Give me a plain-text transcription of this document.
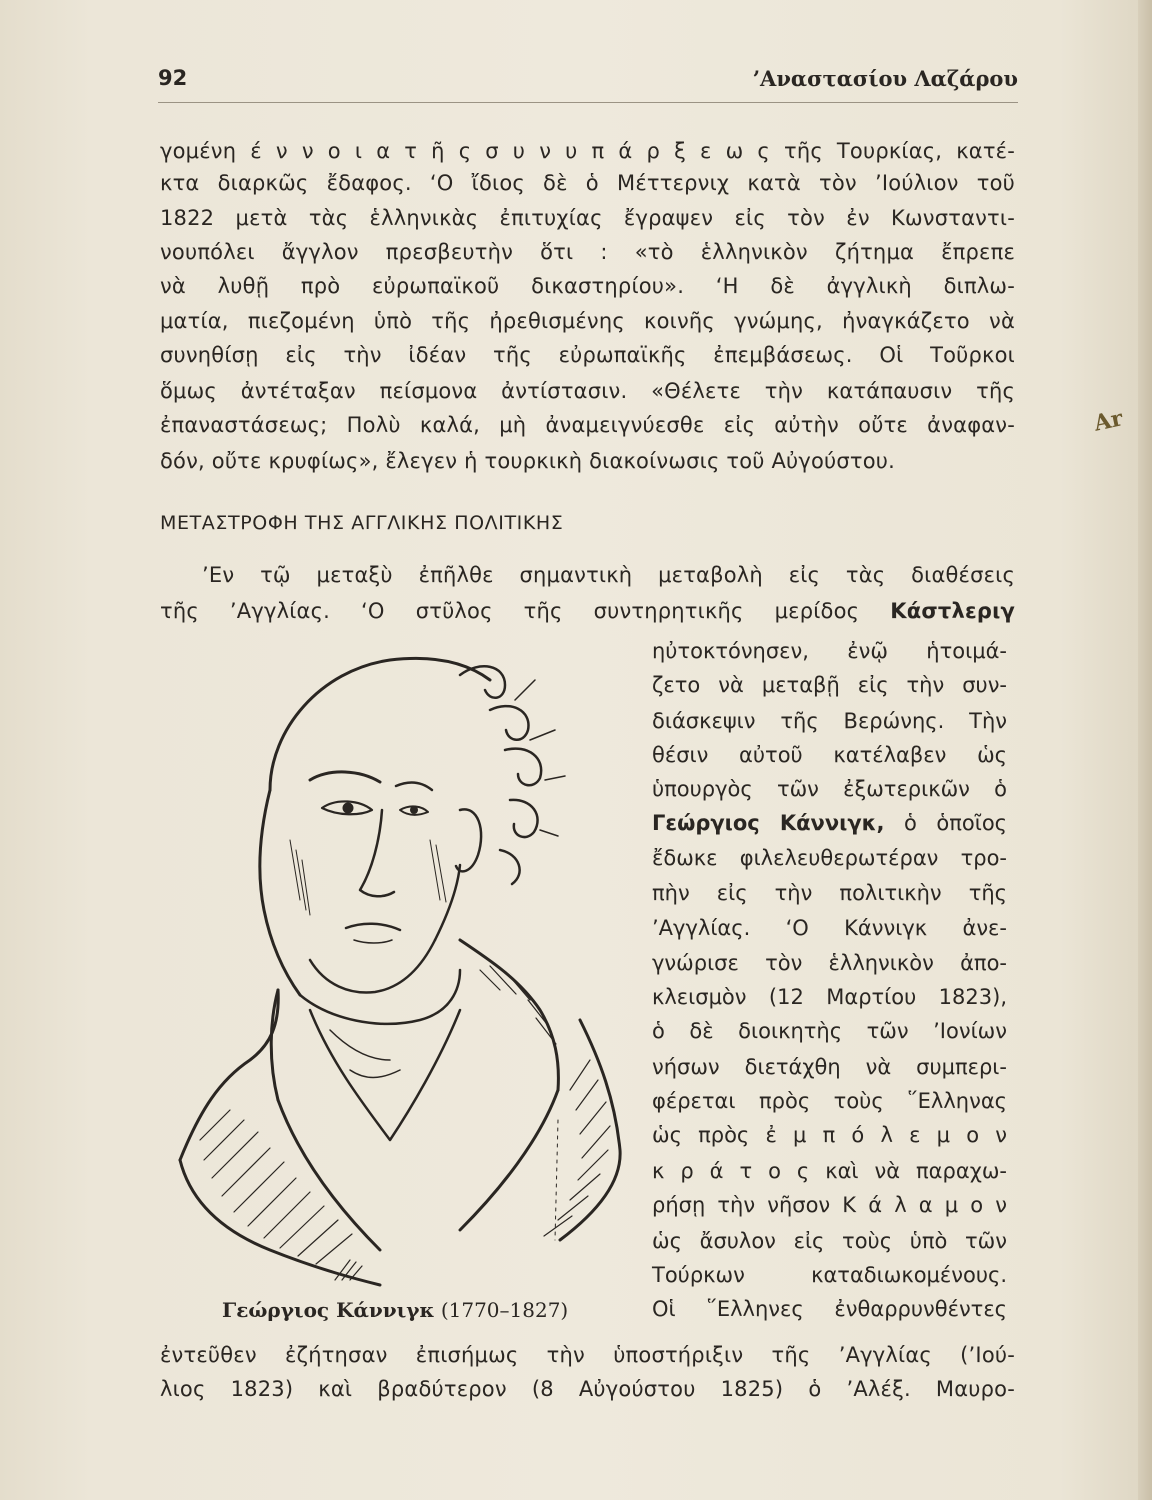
92	’Αναστασίου Λαζάρου
γομένη έ ν ν ο ι α τ ῆ ς σ υ ν υ π ά ρ ξ ε ω ς τῆς Τουρκίας, κατέ-
κτα διαρκῶς ἔδαφος. ‘Ο ἴδιος δὲ ὁ Μέττερνιχ κατὰ τὸν ’Ιούλιον τοῦ
1822 μετὰ τὰς ἑλληνικὰς ἐπιτυχίας ἔγραψεν εἰς τὸν ἐν Κωνσταντι-
νουπόλει ἄγγλον πρεσβευτὴν ὅτι : «τὸ ἑλληνικὸν ζήτημα ἔπρεπε
νὰ λυθῇ πρὸ εὐρωπαϊκοῦ δικαστηρίου». ‘Η δὲ ἀγγλικὴ διπλω-
ματία, πιεζομένη ὑπὸ τῆς ἠρεθισμένης κοινῆς γνώμης, ἠναγκάζετο νὰ
συνηθίσῃ εἰς τὴν ἰδέαν τῆς εὐρωπαϊκῆς ἐπεμβάσεως. Οἱ Τοῦρκοι
ὅμως ἀντέταξαν πείσμονα ἀντίστασιν. «Θέλετε τὴν κατάπαυσιν τῆς
ἐπαναστάσεως; Πολὺ καλά, μὴ ἀναμειγνύεσθε εἰς αὐτὴν οὔτε ἀναφαν-
δόν, οὔτε κρυφίως», ἔλεγεν ἡ τουρκικὴ διακοίνωσις τοῦ Αὐγούστου.
Ar
ΜΕΤΑΣΤΡΟΦΗ ΤΗΣ ΑΓΓΛΙΚΗΣ ΠΟΛΙΤΙΚΗΣ
’Εν τῷ μεταξὺ ἐπῆλθε σημαντικὴ μεταβολὴ εἰς τὰς διαθέσεις
τῆς ’Αγγλίας. ‘Ο στῦλος τῆς συντηρητικῆς μερίδος Κάστλεριγ
ηὐτοκτόνησεν, ἐνῷ ἡτοιμά-
ζετο νὰ μεταβῇ εἰς τὴν συν-
διάσκεψιν τῆς Βερώνης. Τὴν
θέσιν αὐτοῦ κατέλαβεν ὡς
ὑπουργὸς τῶν ἐξωτερικῶν ὁ
Γεώργιος Κάννιγκ, ὁ ὁποῖος
ἔδωκε φιλελευθερωτέραν τρο-
πὴν εἰς τὴν πολιτικὴν τῆς
’Αγγλίας. ‘Ο Κάννιγκ ἀνε-
γνώρισε τὸν ἑλληνικὸν ἀπο-
κλεισμὸν (12 Μαρτίου 1823),
ὁ δὲ διοικητὴς τῶν ’Ιονίων
νήσων διετάχθη νὰ συμπερι-
φέρεται πρὸς τοὺς ῞Ελληνας
ὡς πρὸς ἐ μ π ό λ ε μ ο ν
κ ρ ά τ ο ς καὶ νὰ παραχω-
ρήσῃ τὴν νῆσον Κ ά λ α μ ο ν
ὡς ἄσυλον εἰς τοὺς ὑπὸ τῶν
Τούρκων καταδιωκομένους.
Οἱ ῞Ελληνες ἐνθαρρυνθέντες
Γεώργιος Κάννιγκ (1770–1827)
ἐντεῦθεν ἐζήτησαν ἐπισήμως τὴν ὑποστήριξιν τῆς ’Αγγλίας (’Ιού-
λιος 1823) καὶ βραδύτερον (8 Αὐγούστου 1825) ὁ ’Αλέξ. Μαυρο-
